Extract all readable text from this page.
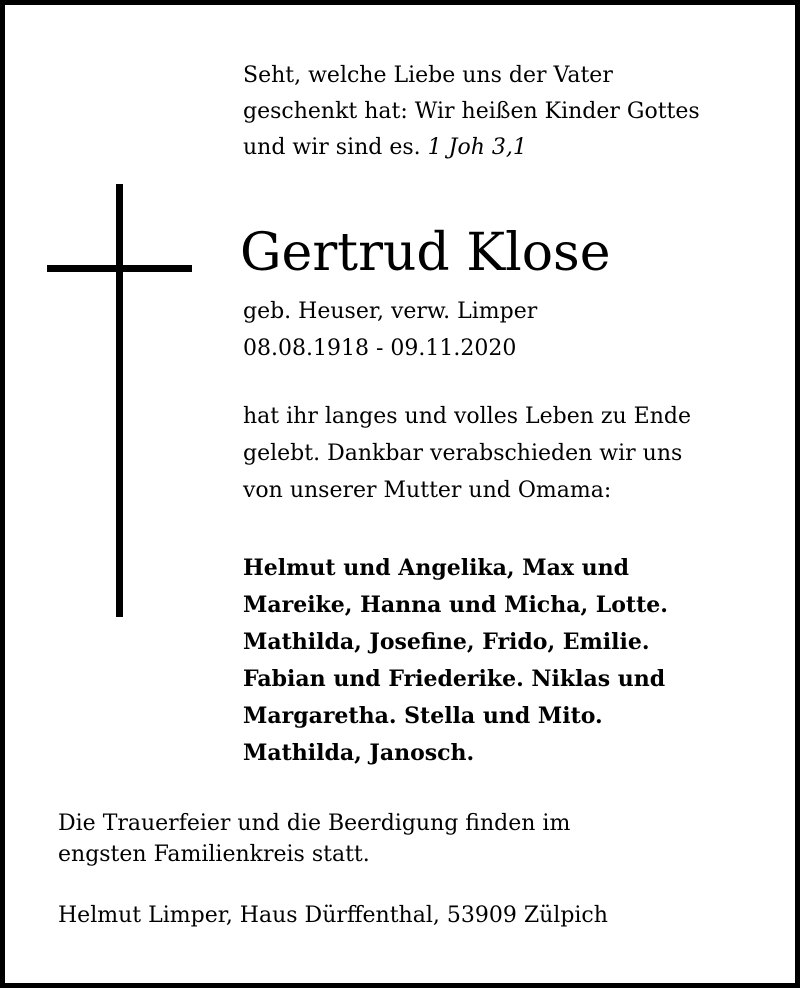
Seht, welche Liebe uns der Vater
geschenkt hat: Wir heißen Kinder Gottes
und wir sind es. 1 Joh 3,1
Gertrud Klose
geb. Heuser, verw. Limper
08.08.1918 - 09.11.2020
hat ihr langes und volles Leben zu Ende
gelebt. Dankbar verabschieden wir uns
von unserer Mutter und Omama:
Helmut und Angelika, Max und
Mareike, Hanna und Micha, Lotte.
Mathilda, Josefine, Frido, Emilie.
Fabian und Friederike. Niklas und
Margaretha. Stella und Mito.
Mathilda, Janosch.
Die Trauerfeier und die Beerdigung finden im
engsten Familienkreis statt.
Helmut Limper, Haus Dürffenthal, 53909 Zülpich
